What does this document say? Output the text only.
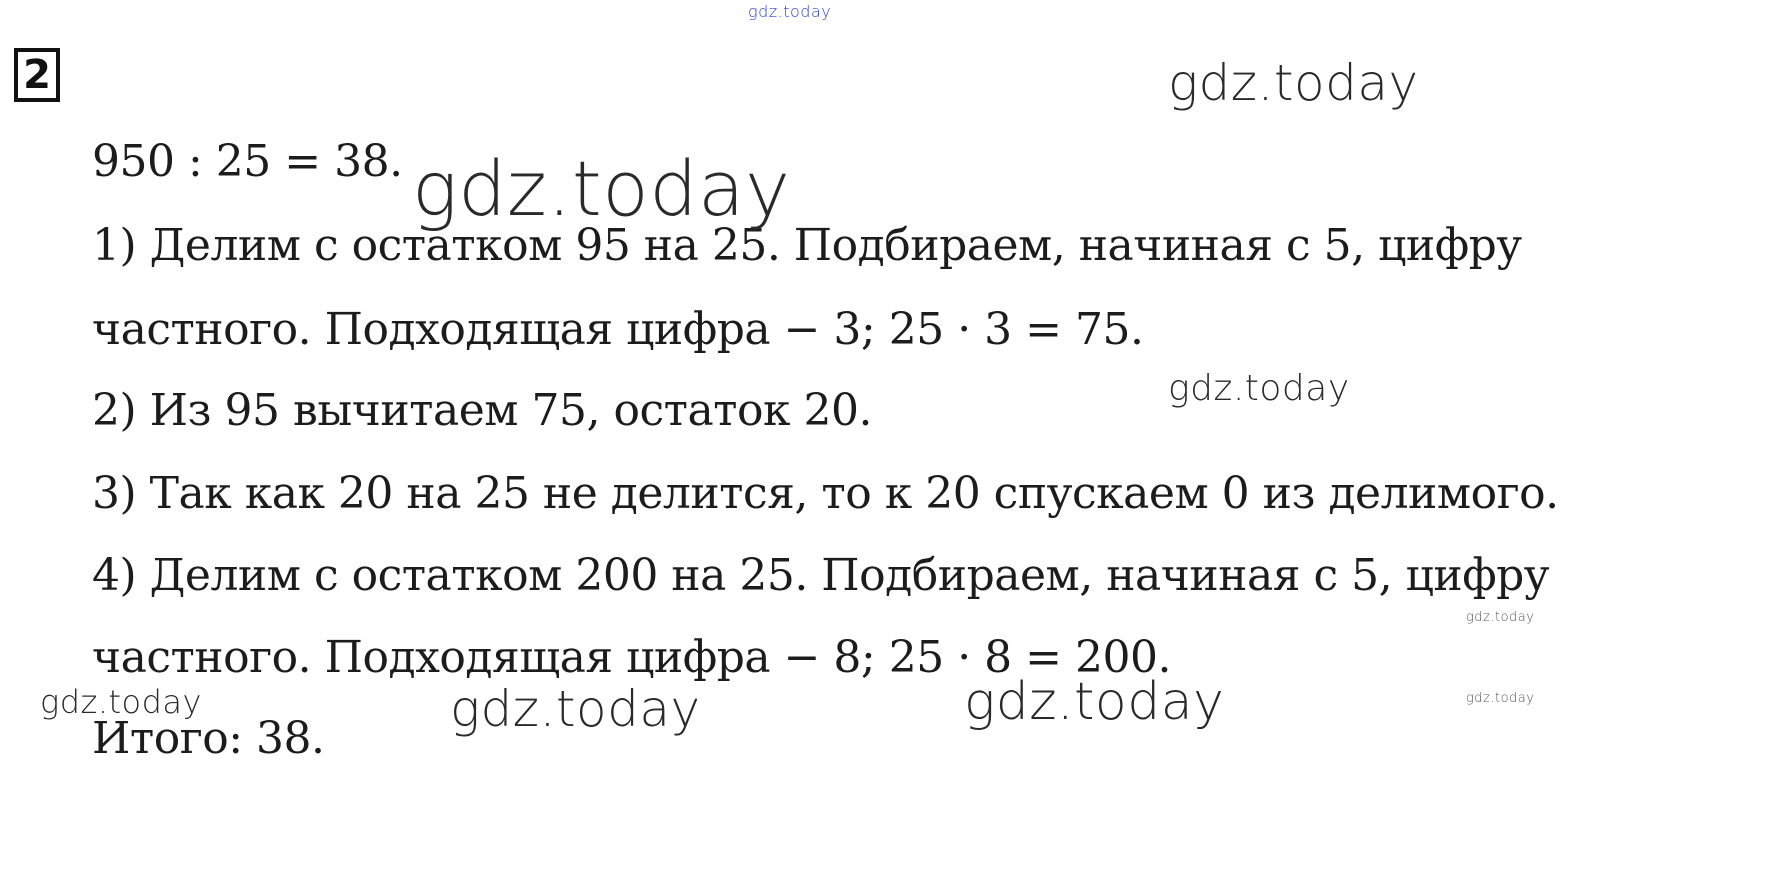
2
950 : 25 = 38.
1) Делим с остатком 95 на 25. Подбираем, начиная с 5, цифру
частного. Подходящая цифра − 3; 25 · 3 = 75.
2) Из 95 вычитаем 75, остаток 20.
3) Так как 20 на 25 не делится, то к 20 спускаем 0 из делимого.
4) Делим с остатком 200 на 25. Подбираем, начиная с 5, цифру
частного. Подходящая цифра − 8; 25 · 8 = 200.
Итого: 38.
gdz.today
gdz.today
gdz.today
gdz.today
gdz.today
gdz.today
gdz.today	gdz.today	gdz.today
